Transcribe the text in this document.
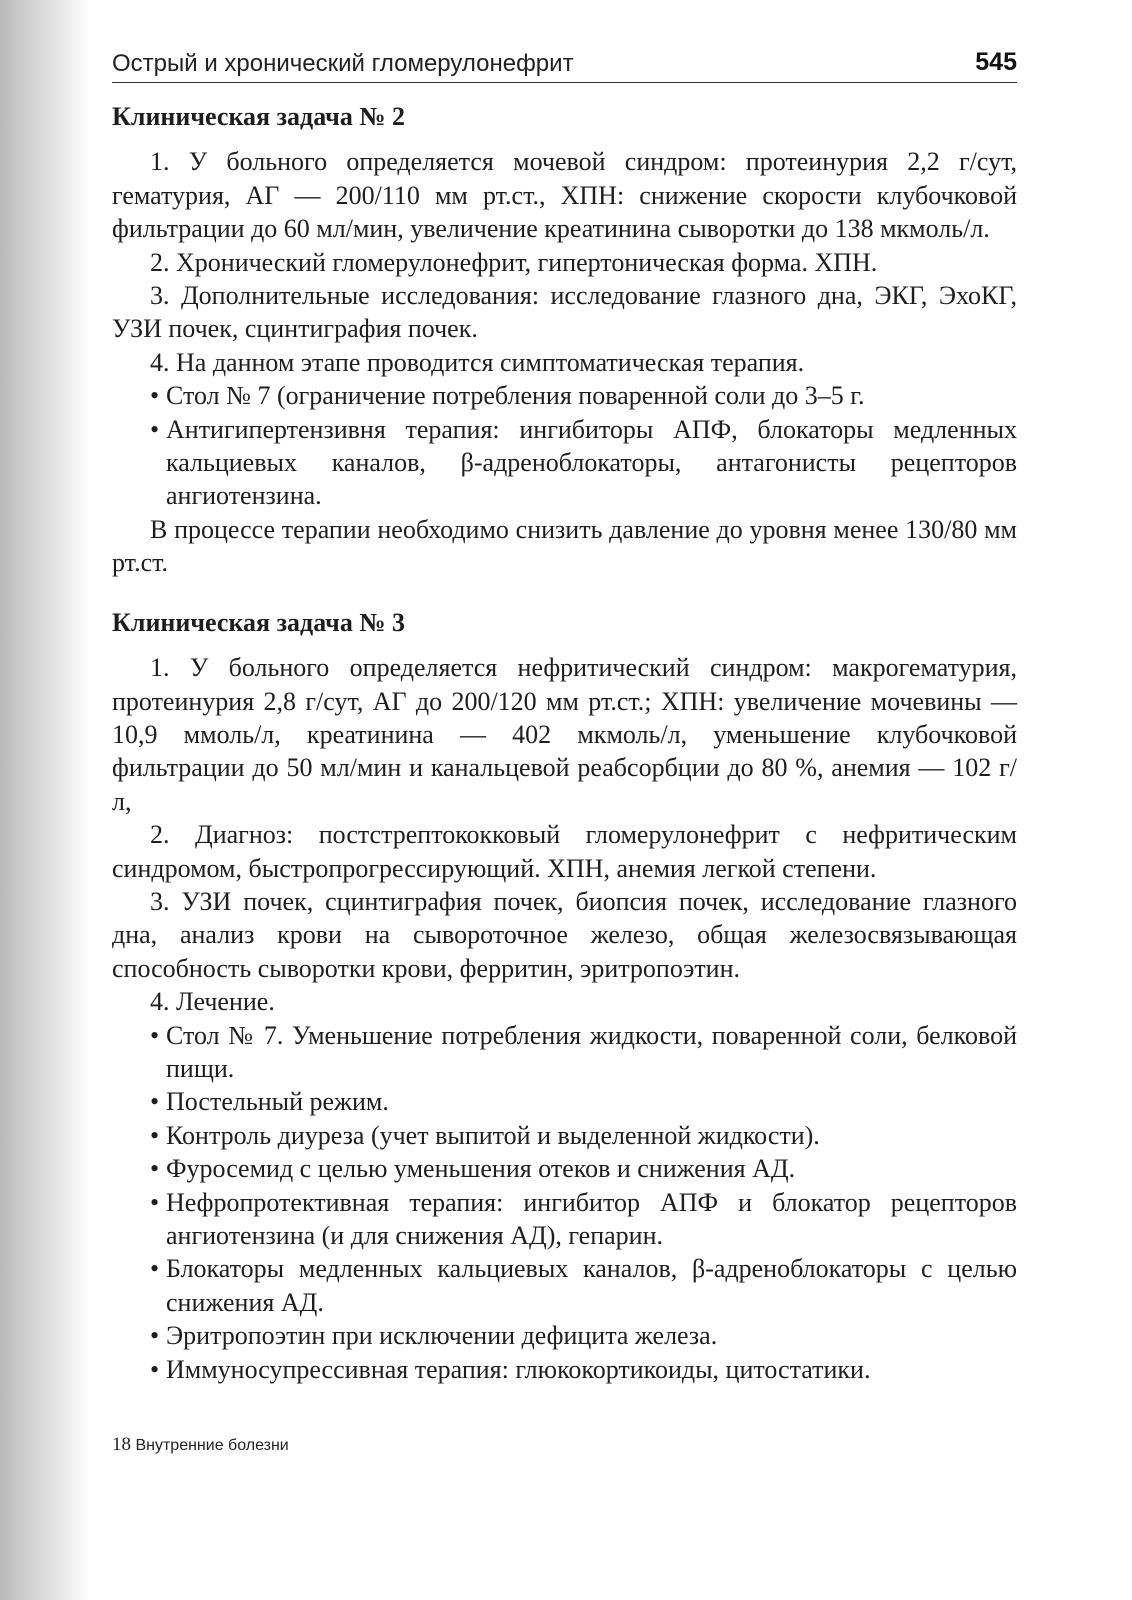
Острый и хронический гломерулонефрит	545
Клиническая задача № 2

1. У больного определяется мочевой синдром: протеинурия 2,2 г/сут, гематурия, АГ — 200/110 мм рт.ст., ХПН: снижение скорости клубочковой фильтрации до 60 мл/мин, увеличение креатинина сыворотки до 138 мкмоль/л.

2. Хронический гломерулонефрит, гипертоническая форма. ХПН.

3. Дополнительные исследования: исследование глазного дна, ЭКГ, ЭхоКГ, УЗИ почек, сцинтиграфия почек.

4. На данном этапе проводится симптоматическая терапия.

• Стол № 7 (ограничение потребления поваренной соли до 3–5 г.
• Антигипертензивня терапия: ингибиторы АПФ, блокаторы медленных кальциевых каналов, β-адреноблокаторы, антагонисты рецепторов ангиотензина.

В процессе терапии необходимо снизить давление до уровня менее 130/80 мм рт.ст.

Клиническая задача № 3

1. У больного определяется нефритический синдром: макрогематурия, протеинурия 2,8 г/сут, АГ до 200/120 мм рт.ст.; ХПН: увеличение мочевины — 10,9 ммоль/л, креатинина — 402 мкмоль/л, уменьшение клубочковой фильтрации до 50 мл/мин и канальцевой реабсорбции до 80 %, анемия — 102 г/л,

2. Диагноз: постстрептококковый гломерулонефрит с нефритическим синдромом, быстропрогрессирующий. ХПН, анемия легкой степени.

3. УЗИ почек, сцинтиграфия почек, биопсия почек, исследование глазного дна, анализ крови на сывороточное железо, общая железосвязывающая способность сыворотки крови, ферритин, эритропоэтин.

4. Лечение.

• Стол № 7. Уменьшение потребления жидкости, поваренной соли, белковой пищи.
• Постельный режим.
• Контроль диуреза (учет выпитой и выделенной жидкости).
• Фуросемид с целью уменьшения отеков и снижения АД.
• Нефропротективная терапия: ингибитор АПФ и блокатор рецепторов ангиотензина (и для снижения АД), гепарин.
• Блокаторы медленных кальциевых каналов, β-адреноблокаторы с целью снижения АД.
• Эритропоэтин при исключении дефицита железа.
• Иммуносупрессивная терапия: глюкокортикоиды, цитостатики.
18 Внутренние болезни
